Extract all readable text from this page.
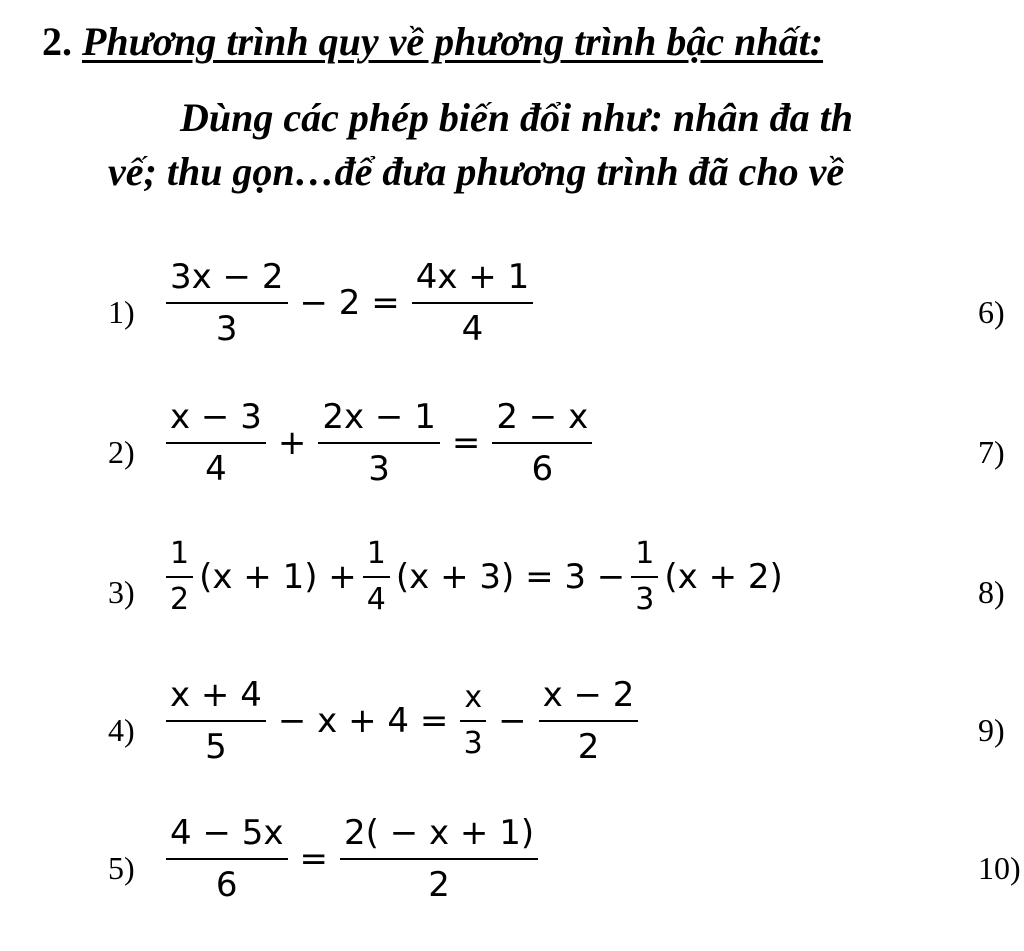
2. Phương trình quy về phương trình bậc nhất:
Dùng các phép biến đổi như: nhân đa th
vế; thu gọn…để đưa phương trình đã cho về
$1) \frac{3x - 2}{3} - 2 = \frac{4x + 1}{4}$
$2) \frac{x - 3}{4} + \frac{2x - 1}{3} = \frac{2 - x}{6}$
$3) \frac{1}{2} (x + 1) + \frac{1}{4} (x + 3) = 3 - \frac{1}{3} (x + 2)$
$4) \frac{x + 4}{5} - x + 4 = \frac{x}{3} - \frac{x - 2}{2}$
$5) \frac{4 - 5x}{6} = \frac{2( - x + 1)}{2}$
6)
7)
8)
9)
10)
